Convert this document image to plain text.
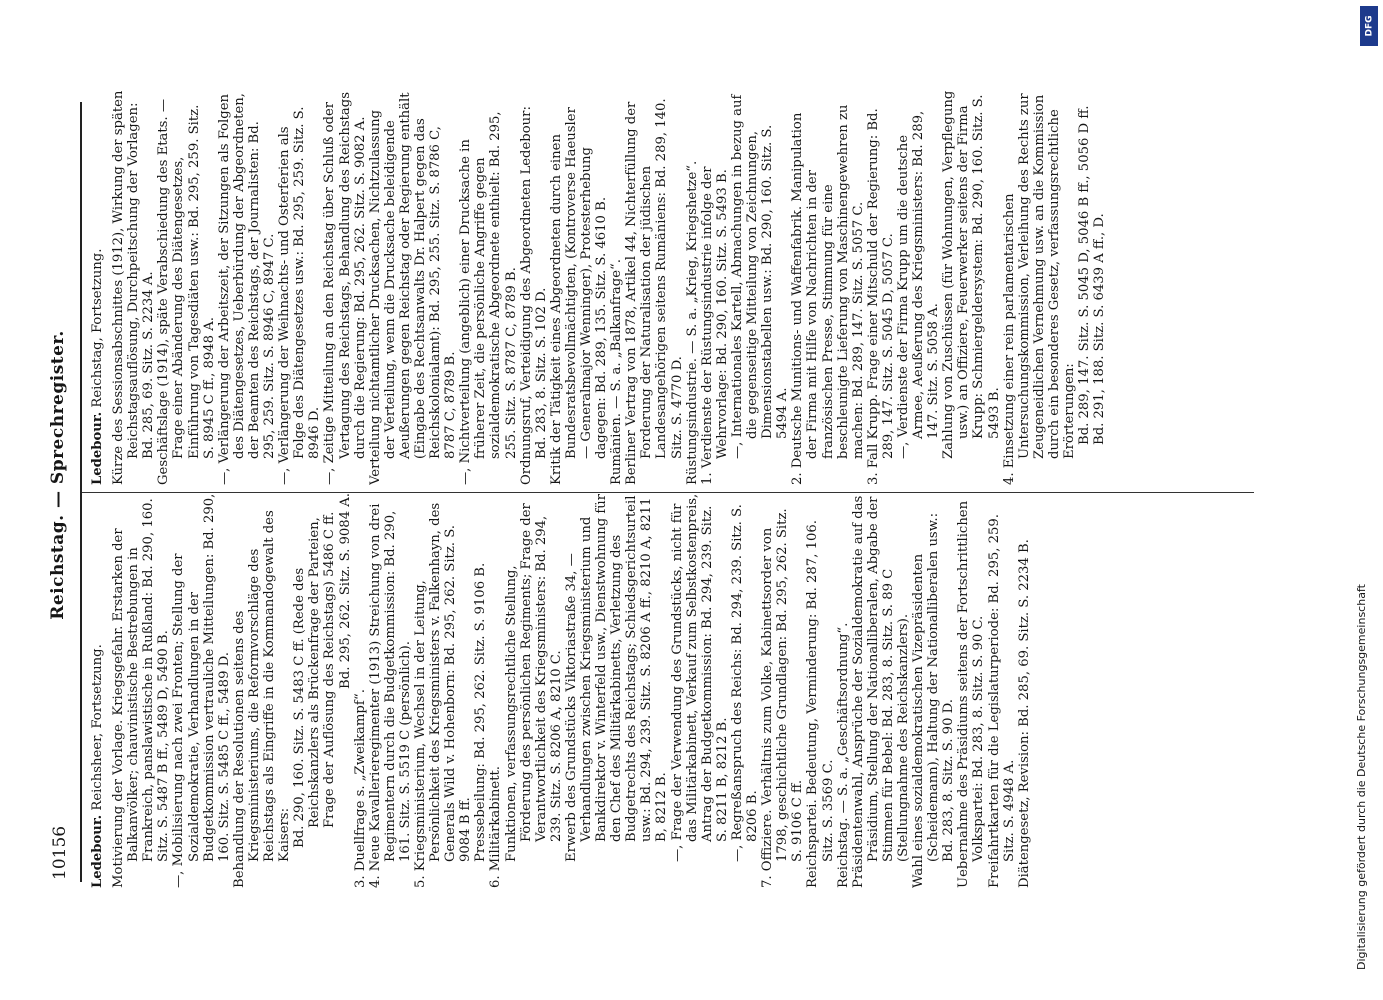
10156
Reichstag. — Sprechregister.
Ledebour. Reichsheer, Fortsetzung. Motivierung der Vorlage. Kriegsgefahr. Erstarken der Balkanvölker; chauvinistische Bestrebungen in Frankreich, panslawistische in Rußland: Bd. 290, 160. Sitz. S. 5487 B ff., 5489 D, 5490 B. —, Mobilisierung nach zwei Fronten; Stellung der Sozialdemokratie, Verhandlungen in der Budgetkommission vertrauliche Mitteilungen: Bd. 290, 160. Sitz. S. 5485 C ff., 5489 D. Behandlung der Resolutionen seitens des Kriegsministeriums, die Reformvorschläge des Reichstags als Eingriffe in die Kommandogewalt des Kaisers: Bd. 290, 160. Sitz. S. 5483 C ff. (Rede des Reichskanzlers als Brückenfrage der Parteien, Frage der Auflösung des Reichstags) 5486 C ff. Bd. 295, 262. Sitz. S. 9084 A.
3. Duellfrage s. „Zweikampf“. 4. Neue Kavallerieregimenter (1913) Streichung von drei Regimentern durch die Budgetkommission: Bd. 290, 161. Sitz. S. 5519 C (persönlich). 5. Kriegsministerium, Wechsel in der Leitung, Persönlichkeit des Kriegsministers v. Falkenhayn, des Generals Wild v. Hohenborn: Bd. 295, 262. Sitz. S. 9084 B ff. Pressebeilung: Bd. 295, 262. Sitz. S. 9106 B. 6. Militärkabinett. Funktionen, verfassungsrechtliche Stellung, Förderung des persönlichen Regiments; Frage der Verantwortlichkeit des Kriegsministers: Bd. 294, 239. Sitz. S. 8206 A, 8210 C. Erwerb des Grundstücks Viktoriastraße 34, — Verhandlungen zwischen Kriegsministerium und Bankdirektor v. Winterfeld usw., Dienstwohnung für den Chef des Militärkabinetts, Verletzung des Budgetrechts des Reichstags; Schiedsgerichtsurteil usw.: Bd. 294, 239. Sitz. S. 8206 A ff., 8210 A, 8211 B, 8212 B. —, Frage der Verwendung des Grundstücks, nicht für das Militärkabinett, Verkauf zum Selbstkostenpreis, Antrag der Budgetkommission: Bd. 294, 239. Sitz. S. 8211 B, 8212 B. —, Regreßanspruch des Reichs: Bd. 294, 239. Sitz. S. 8206 B. 7. Offiziere. Verhältnis zum Volke, Kabinettsorder von 1798, geschichtliche Grundlagen: Bd. 295, 262. Sitz. S. 9106 C ff. Reichspartei. Bedeutung, Verminderung: Bd. 287, 106. Sitz. S. 3569 C. Reichstag. — S. a. „Geschäftsordnung“. Präsidentenwahl, Ansprüche der Sozialdemokratie auf das Präsidium, Stellung der Nationalliberalen, Abgabe der Stimmen für Bebel: Bd. 283, 8. Sitz. S. 89 C (Stellungnahme des Reichskanzlers). Wahl eines sozialdemokratischen Vizepräsidenten (Scheidemann), Haltung der Nationalliberalen usw.: Bd. 283, 8. Sitz. S. 90 D. Uebernahme des Präsidiums seitens der Fortschrittlichen Volkspartei: Bd. 283, 8. Sitz. S. 90 C. Freifahrtkarten für die Legislaturperiode: Bd. 295, 259. Sitz. S. 4948 A. Diätengesetz, Revision: Bd. 285, 69. Sitz. S. 2234 B.
Ledebour. Reichstag, Fortsetzung. Kürze des Sessionsabschnittes (1912), Wirkung der späten Reichstagsauflösung, Durchpeitschung der Vorlagen: Bd. 285, 69. Sitz. S. 2234 A. Geschäftslage (1914), späte Verabschiedung des Etats. — Frage einer Abänderung des Diätengesetzes, Einführung von Tagesdiäten usw.: Bd. 295, 259. Sitz. S. 8945 C ff., 8948 A. —, Verlängerung der Arbeitszeit, der Sitzungen als Folgen des Diätengesetzes, Ueberbürdung der Abgeordneten, der Beamten des Reichstags, der Journalisten: Bd. 295, 259. Sitz. S. 8946 C, 8947 C. —, Verlängerung der Weihnachts- und Osterferien als Folge des Diätengesetzes usw.: Bd. 295, 259. Sitz. S. 8946 D. —, Zeitige Mitteilung an den Reichstag über Schluß oder Vertagung des Reichstags, Behandlung des Reichstags durch die Regierung: Bd. 295, 262. Sitz. S. 9082 A. Verteilung nichtamtlicher Drucksachen, Nichtzulassung der Verteilung, wenn die Drucksache beleidigende Aeußerungen gegen Reichstag oder Regierung enthält (Eingabe des Rechtsanwalts Dr. Halpert gegen das Reichskolonialamt): Bd. 295, 255. Sitz. S. 8786 C, 8787 C, 8789 B. —, Nichtverteilung (angeblich) einer Drucksache in früherer Zeit, die persönliche Angriffe gegen sozialdemokratische Abgeordnete enthielt: Bd. 295, 255. Sitz. S. 8787 C, 8789 B. Ordnungsruf, Verteidigung des Abgeordneten Ledebour: Bd. 283, 8. Sitz. S. 102 D. Kritik der Tätigkeit eines Abgeordneten durch einen Bundesratsbevollmächtigten, (Kontroverse Haeusler — Generalmajor Wenninger), Protesterhebung dagegen: Bd. 289, 135. Sitz. S. 4610 B. Rumänien. — S. a. „Balkanfrage“. Berliner Vertrag von 1878, Artikel 44, Nichterfüllung der Forderung der Naturalisation der jüdischen Landesangehörigen seitens Rumäniens: Bd. 289, 140. Sitz. S. 4770 D. Rüstungsindustrie. — S. a. „Krieg, Kriegshetze“. 1. Verdienste der Rüstungsindustrie infolge der Wehrvorlage: Bd. 290, 160. Sitz. S. 5493 B. —, Internationales Kartell, Abmachungen in bezug auf die gegenseitige Mitteilung von Zeichnungen, Dimensionstabellen usw.: Bd. 290, 160. Sitz. S. 5494 A. 2. Deutsche Munitions- und Waffenfabrik. Manipulation der Firma mit Hilfe von Nachrichten in der französischen Presse, Stimmung für eine beschleunigte Lieferung von Maschinengewehren zu machen: Bd. 289, 147. Sitz. S. 5057 C. 3. Fall Krupp. Frage einer Mitschuld der Regierung: Bd. 289, 147. Sitz. S. 5045 D, 5057 C. —, Verdienste der Firma Krupp um die deutsche Armee, Aeußerung des Kriegsministers: Bd. 289, 147. Sitz. S. 5058 A. Zahlung von Zuschüssen (für Wohnungen, Verpflegung usw.) an Offiziere, Feuerwerker seitens der Firma Krupp: Schmiergeldersystem: Bd. 290, 160. Sitz. S. 5493 B. 4. Einsetzung einer rein parlamentarischen Untersuchungskommission, Verleihung des Rechts zur Zeugeneidlichen Vernehmung usw. an die Kommission durch ein besonderes Gesetz, verfassungsrechtliche Erörterungen: Bd. 289, 147. Sitz. S. 5045 D, 5046 B ff., 5056 D ff. Bd. 291, 188. Sitz. S. 6439 A ff., D.
Digitalisierung gefördert durch die Deutsche Forschungsgemeinschaft
DFG
